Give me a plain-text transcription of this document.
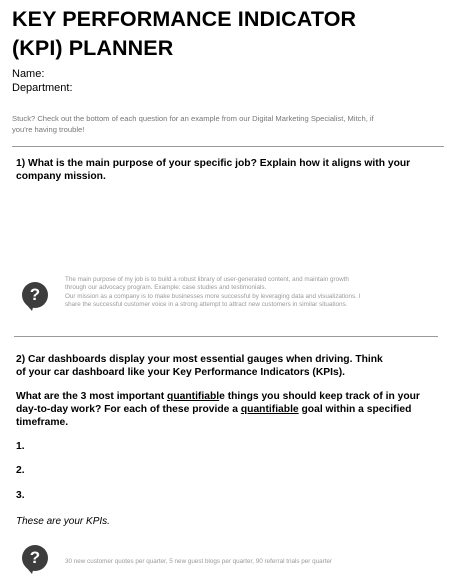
KEY PERFORMANCE INDICATOR
(KPI) PLANNER
Name:
Department:
Stuck? Check out the bottom of each question for an example from our Digital Marketing Specialist, Mitch, if
you're having trouble!
1) What is the main purpose of your specific job? Explain how it aligns with your
company mission.
?
The main purpose of my job is to build a robust library of user-generated content, and maintain growth
through our advocacy program. Example: case studies and testimonials.
Our mission as a company is to make businesses more successful by leveraging data and visualizations. I
share the successful customer voice in a strong attempt to attract new customers in similar situations.
2) Car dashboards display your most essential gauges when driving. Think
of your car dashboard like your Key Performance Indicators (KPIs).
What are the 3 most important quantifiable things you should keep track of in your
day-to-day work? For each of these provide a quantifiable goal within a specified
timeframe.
1.
2.
3.
These are your KPIs.
?	30 new customer quotes per quarter, 5 new guest blogs per quarter, 90 referral trials per quarter
